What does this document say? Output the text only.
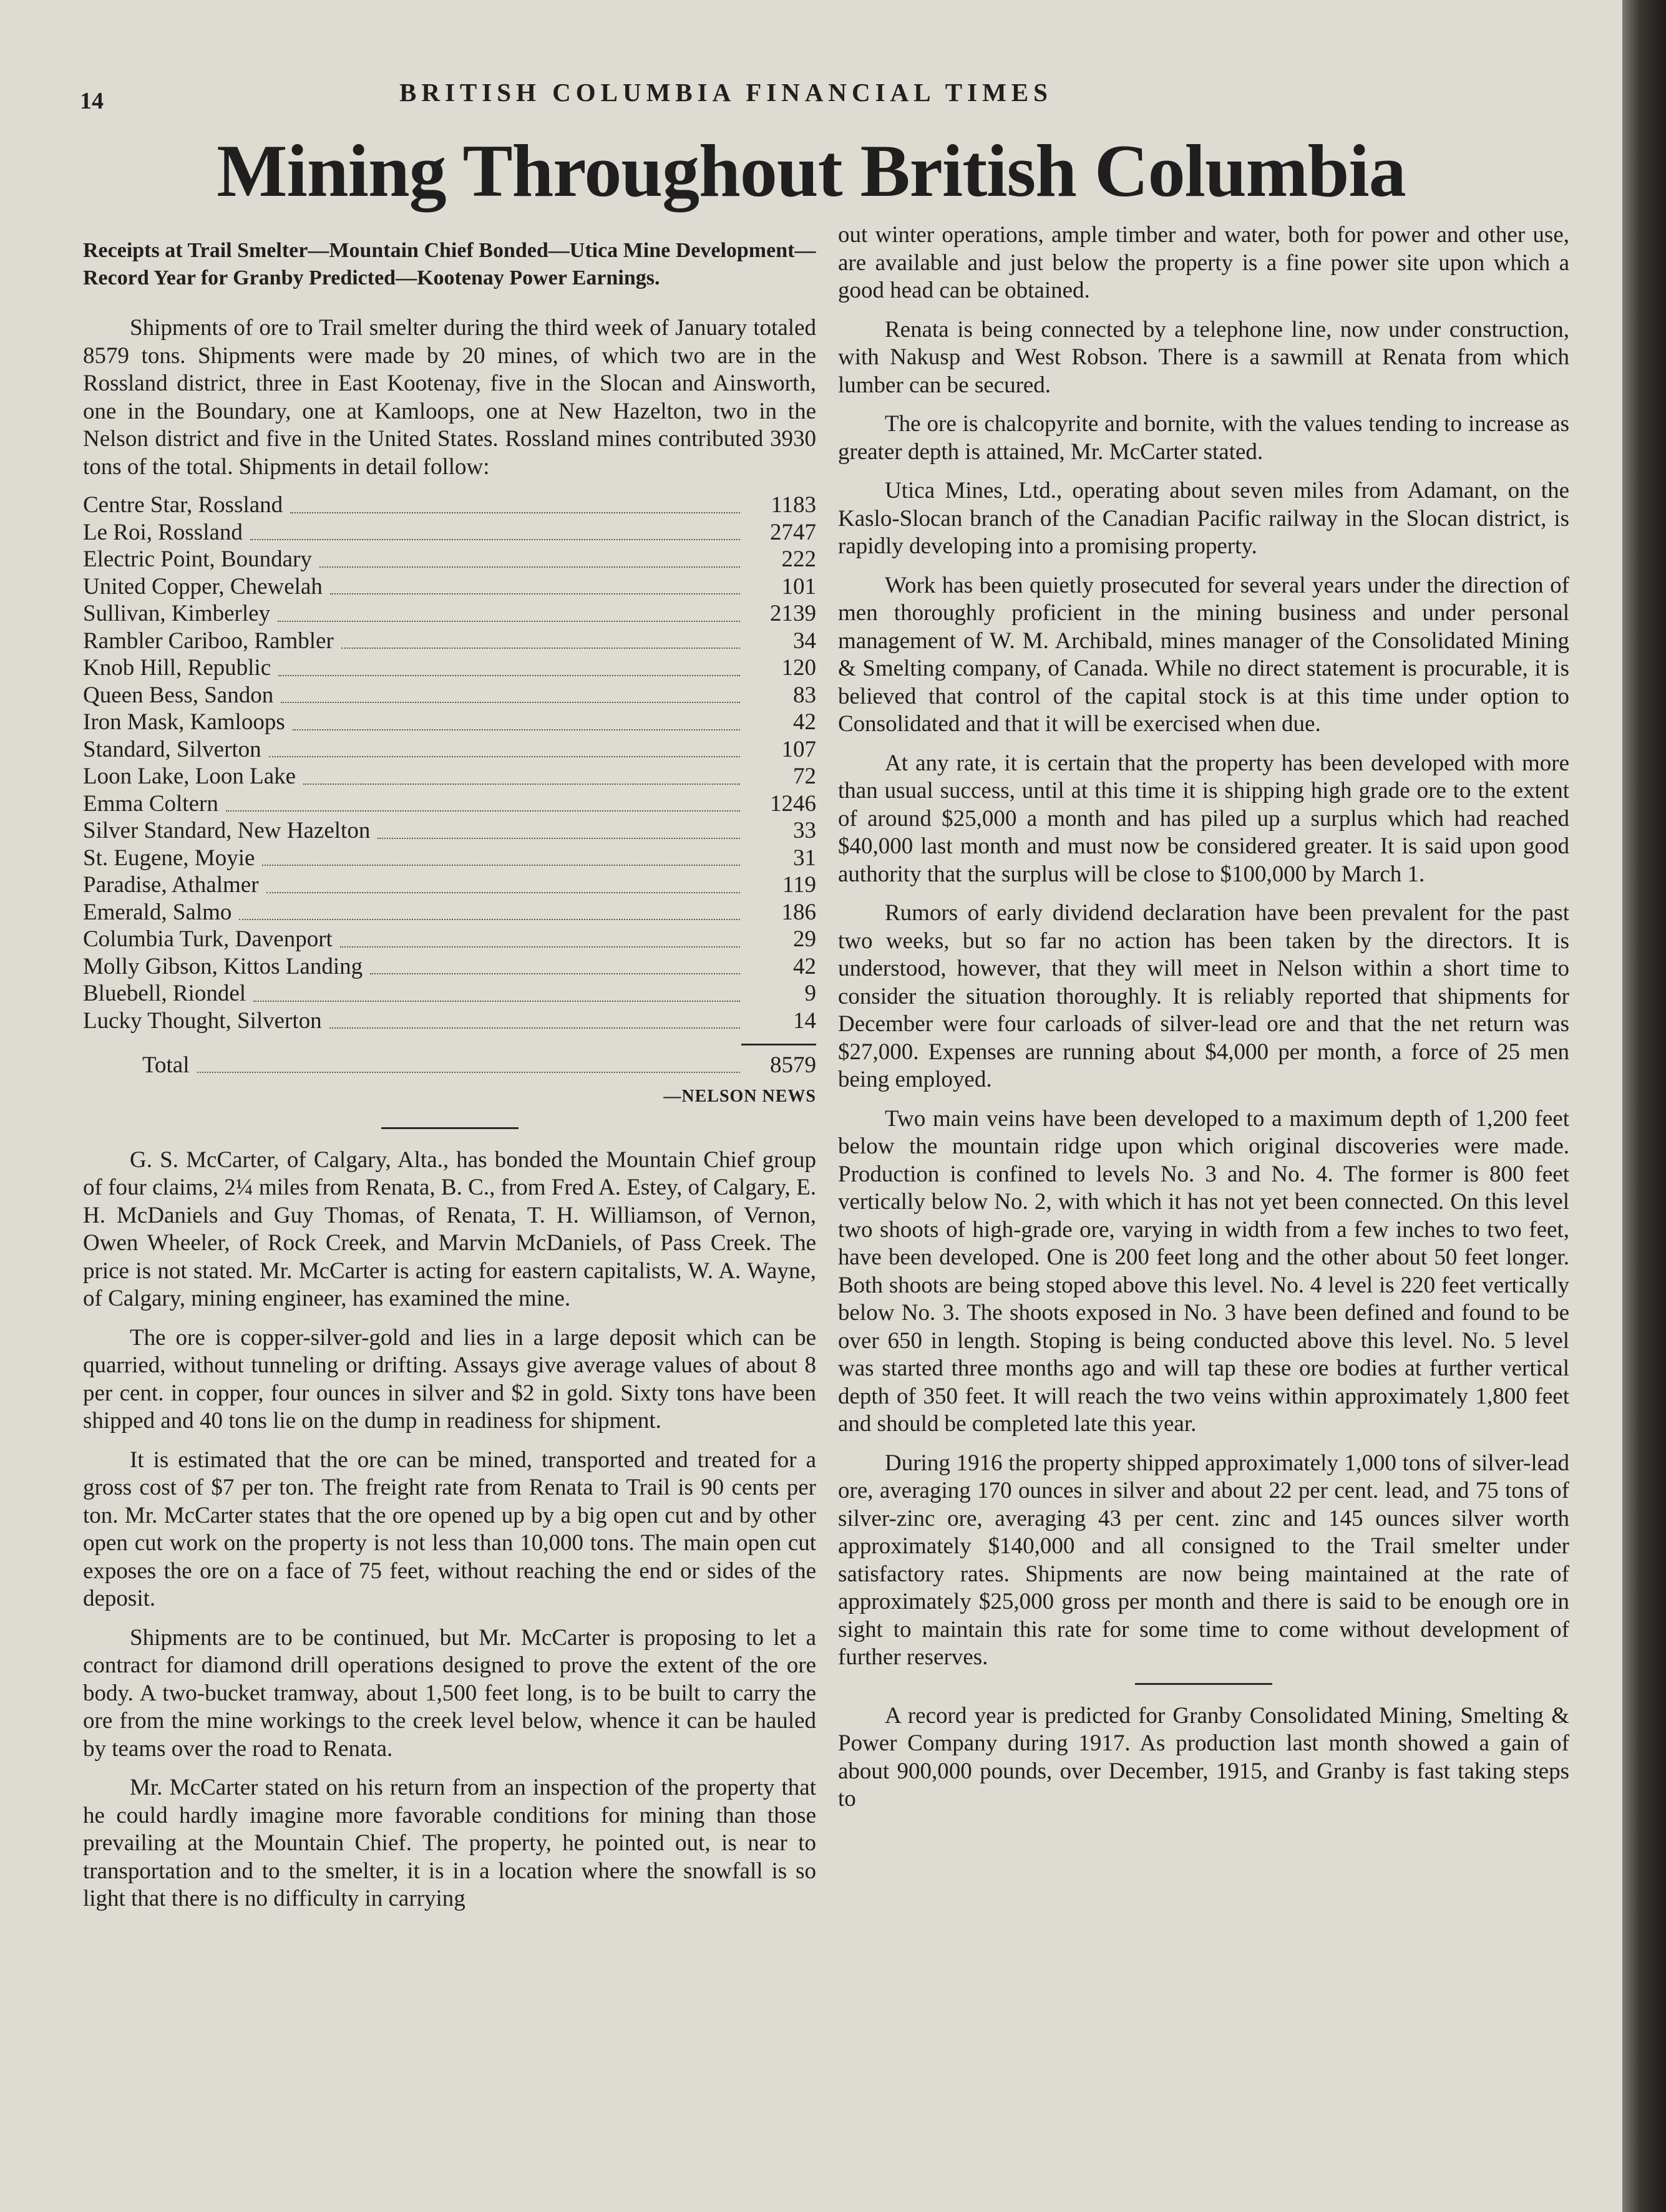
14	BRITISH COLUMBIA FINANCIAL TIMES
Mining Throughout British Columbia
Receipts at Trail Smelter—Mountain Chief Bonded—Utica Mine Development—Record Year for Granby Predicted—Kootenay Power Earnings.

Shipments of ore to Trail smelter during the third week of January totaled 8579 tons. Shipments were made by 20 mines, of which two are in the Rossland district, three in East Kootenay, five in the Slocan and Ainsworth, one in the Boundary, one at Kamloops, one at New Hazelton, two in the Nelson district and five in the United States. Rossland mines contributed 3930 tons of the total. Shipments in detail follow:

Centre Star, Rossland	1183
Le Roi, Rossland	2747
Electric Point, Boundary	222
United Copper, Chewelah	101
Sullivan, Kimberley	2139
Rambler Cariboo, Rambler	34
Knob Hill, Republic	120
Queen Bess, Sandon	83
Iron Mask, Kamloops	42
Standard, Silverton	107
Loon Lake, Loon Lake	72
Emma Coltern	1246
Silver Standard, New Hazelton	33
St. Eugene, Moyie	31
Paradise, Athalmer	119
Emerald, Salmo	186
Columbia Turk, Davenport	29
Molly Gibson, Kittos Landing	42
Bluebell, Riondel	9
Lucky Thought, Silverton	14
Total	8579
—NELSON NEWS

G. S. McCarter, of Calgary, Alta., has bonded the Mountain Chief group of four claims, 2¼ miles from Renata, B. C., from Fred A. Estey, of Calgary, E. H. McDaniels and Guy Thomas, of Renata, T. H. Williamson, of Vernon, Owen Wheeler, of Rock Creek, and Marvin McDaniels, of Pass Creek. The price is not stated. Mr. McCarter is acting for eastern capitalists, W. A. Wayne, of Calgary, mining engineer, has examined the mine.

The ore is copper-silver-gold and lies in a large deposit which can be quarried, without tunneling or drifting. Assays give average values of about 8 per cent. in copper, four ounces in silver and $2 in gold. Sixty tons have been shipped and 40 tons lie on the dump in readiness for shipment.

It is estimated that the ore can be mined, transported and treated for a gross cost of $7 per ton. The freight rate from Renata to Trail is 90 cents per ton. Mr. McCarter states that the ore opened up by a big open cut and by other open cut work on the property is not less than 10,000 tons. The main open cut exposes the ore on a face of 75 feet, without reaching the end or sides of the deposit.

Shipments are to be continued, but Mr. McCarter is proposing to let a contract for diamond drill operations designed to prove the extent of the ore body. A two-bucket tramway, about 1,500 feet long, is to be built to carry the ore from the mine workings to the creek level below, whence it can be hauled by teams over the road to Renata.

Mr. McCarter stated on his return from an inspection of the property that he could hardly imagine more favorable conditions for mining than those prevailing at the Mountain Chief. The property, he pointed out, is near to transportation and to the smelter, it is in a location where the snowfall is so light that there is no difficulty in carrying

out winter operations, ample timber and water, both for power and other use, are available and just below the property is a fine power site upon which a good head can be obtained.

Renata is being connected by a telephone line, now under construction, with Nakusp and West Robson. There is a sawmill at Renata from which lumber can be secured.

The ore is chalcopyrite and bornite, with the values tending to increase as greater depth is attained, Mr. McCarter stated.

Utica Mines, Ltd., operating about seven miles from Adamant, on the Kaslo-Slocan branch of the Canadian Pacific railway in the Slocan district, is rapidly developing into a promising property.

Work has been quietly prosecuted for several years under the direction of men thoroughly proficient in the mining business and under personal management of W. M. Archibald, mines manager of the Consolidated Mining & Smelting company, of Canada. While no direct statement is procurable, it is believed that control of the capital stock is at this time under option to Consolidated and that it will be exercised when due.

At any rate, it is certain that the property has been developed with more than usual success, until at this time it is shipping high grade ore to the extent of around $25,000 a month and has piled up a surplus which had reached $40,000 last month and must now be considered greater. It is said upon good authority that the surplus will be close to $100,000 by March 1.

Rumors of early dividend declaration have been prevalent for the past two weeks, but so far no action has been taken by the directors. It is understood, however, that they will meet in Nelson within a short time to consider the situation thoroughly. It is reliably reported that shipments for December were four carloads of silver-lead ore and that the net return was $27,000. Expenses are running about $4,000 per month, a force of 25 men being employed.

Two main veins have been developed to a maximum depth of 1,200 feet below the mountain ridge upon which original discoveries were made. Production is confined to levels No. 3 and No. 4. The former is 800 feet vertically below No. 2, with which it has not yet been connected. On this level two shoots of high-grade ore, varying in width from a few inches to two feet, have been developed. One is 200 feet long and the other about 50 feet longer. Both shoots are being stoped above this level. No. 4 level is 220 feet vertically below No. 3. The shoots exposed in No. 3 have been defined and found to be over 650 in length. Stoping is being conducted above this level. No. 5 level was started three months ago and will tap these ore bodies at further vertical depth of 350 feet. It will reach the two veins within approximately 1,800 feet and should be completed late this year.

During 1916 the property shipped approximately 1,000 tons of silver-lead ore, averaging 170 ounces in silver and about 22 per cent. lead, and 75 tons of silver-zinc ore, averaging 43 per cent. zinc and 145 ounces silver worth approximately $140,000 and all consigned to the Trail smelter under satisfactory rates. Shipments are now being maintained at the rate of approximately $25,000 gross per month and there is said to be enough ore in sight to maintain this rate for some time to come without development of further reserves.

A record year is predicted for Granby Consolidated Mining, Smelting & Power Company during 1917. As production last month showed a gain of about 900,000 pounds, over December, 1915, and Granby is fast taking steps to
